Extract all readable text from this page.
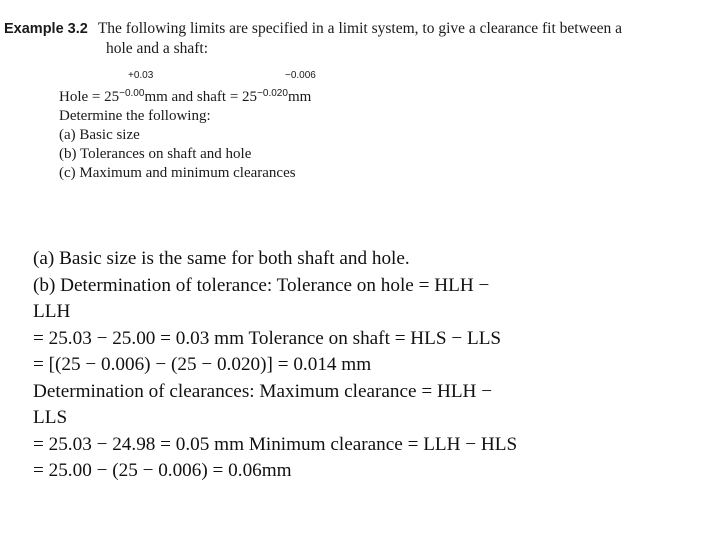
Example 3.2 The following limits are specified in a limit system, to give a clearance fit between a
hole and a shaft:
+0.03	−0.006
Hole = $25^{-0.00}mm$ and shaft = $25^{-0.020}mm$
Determine the following:
(a) Basic size
(b) Tolerances on shaft and hole
(c) Maximum and minimum clearances
(a) Basic size is the same for both shaft and hole.
(b) Determination of tolerance: Tolerance on hole = HLH −
LLH
= 25.03 − 25.00 = 0.03 mm Tolerance on shaft = HLS − LLS
= [(25 − 0.006) − (25 − 0.020)] = 0.014 mm
Determination of clearances: Maximum clearance = HLH −
LLS
= 25.03 − 24.98 = 0.05 mm Minimum clearance = LLH − HLS
= 25.00 − (25 − 0.006) = 0.06mm
